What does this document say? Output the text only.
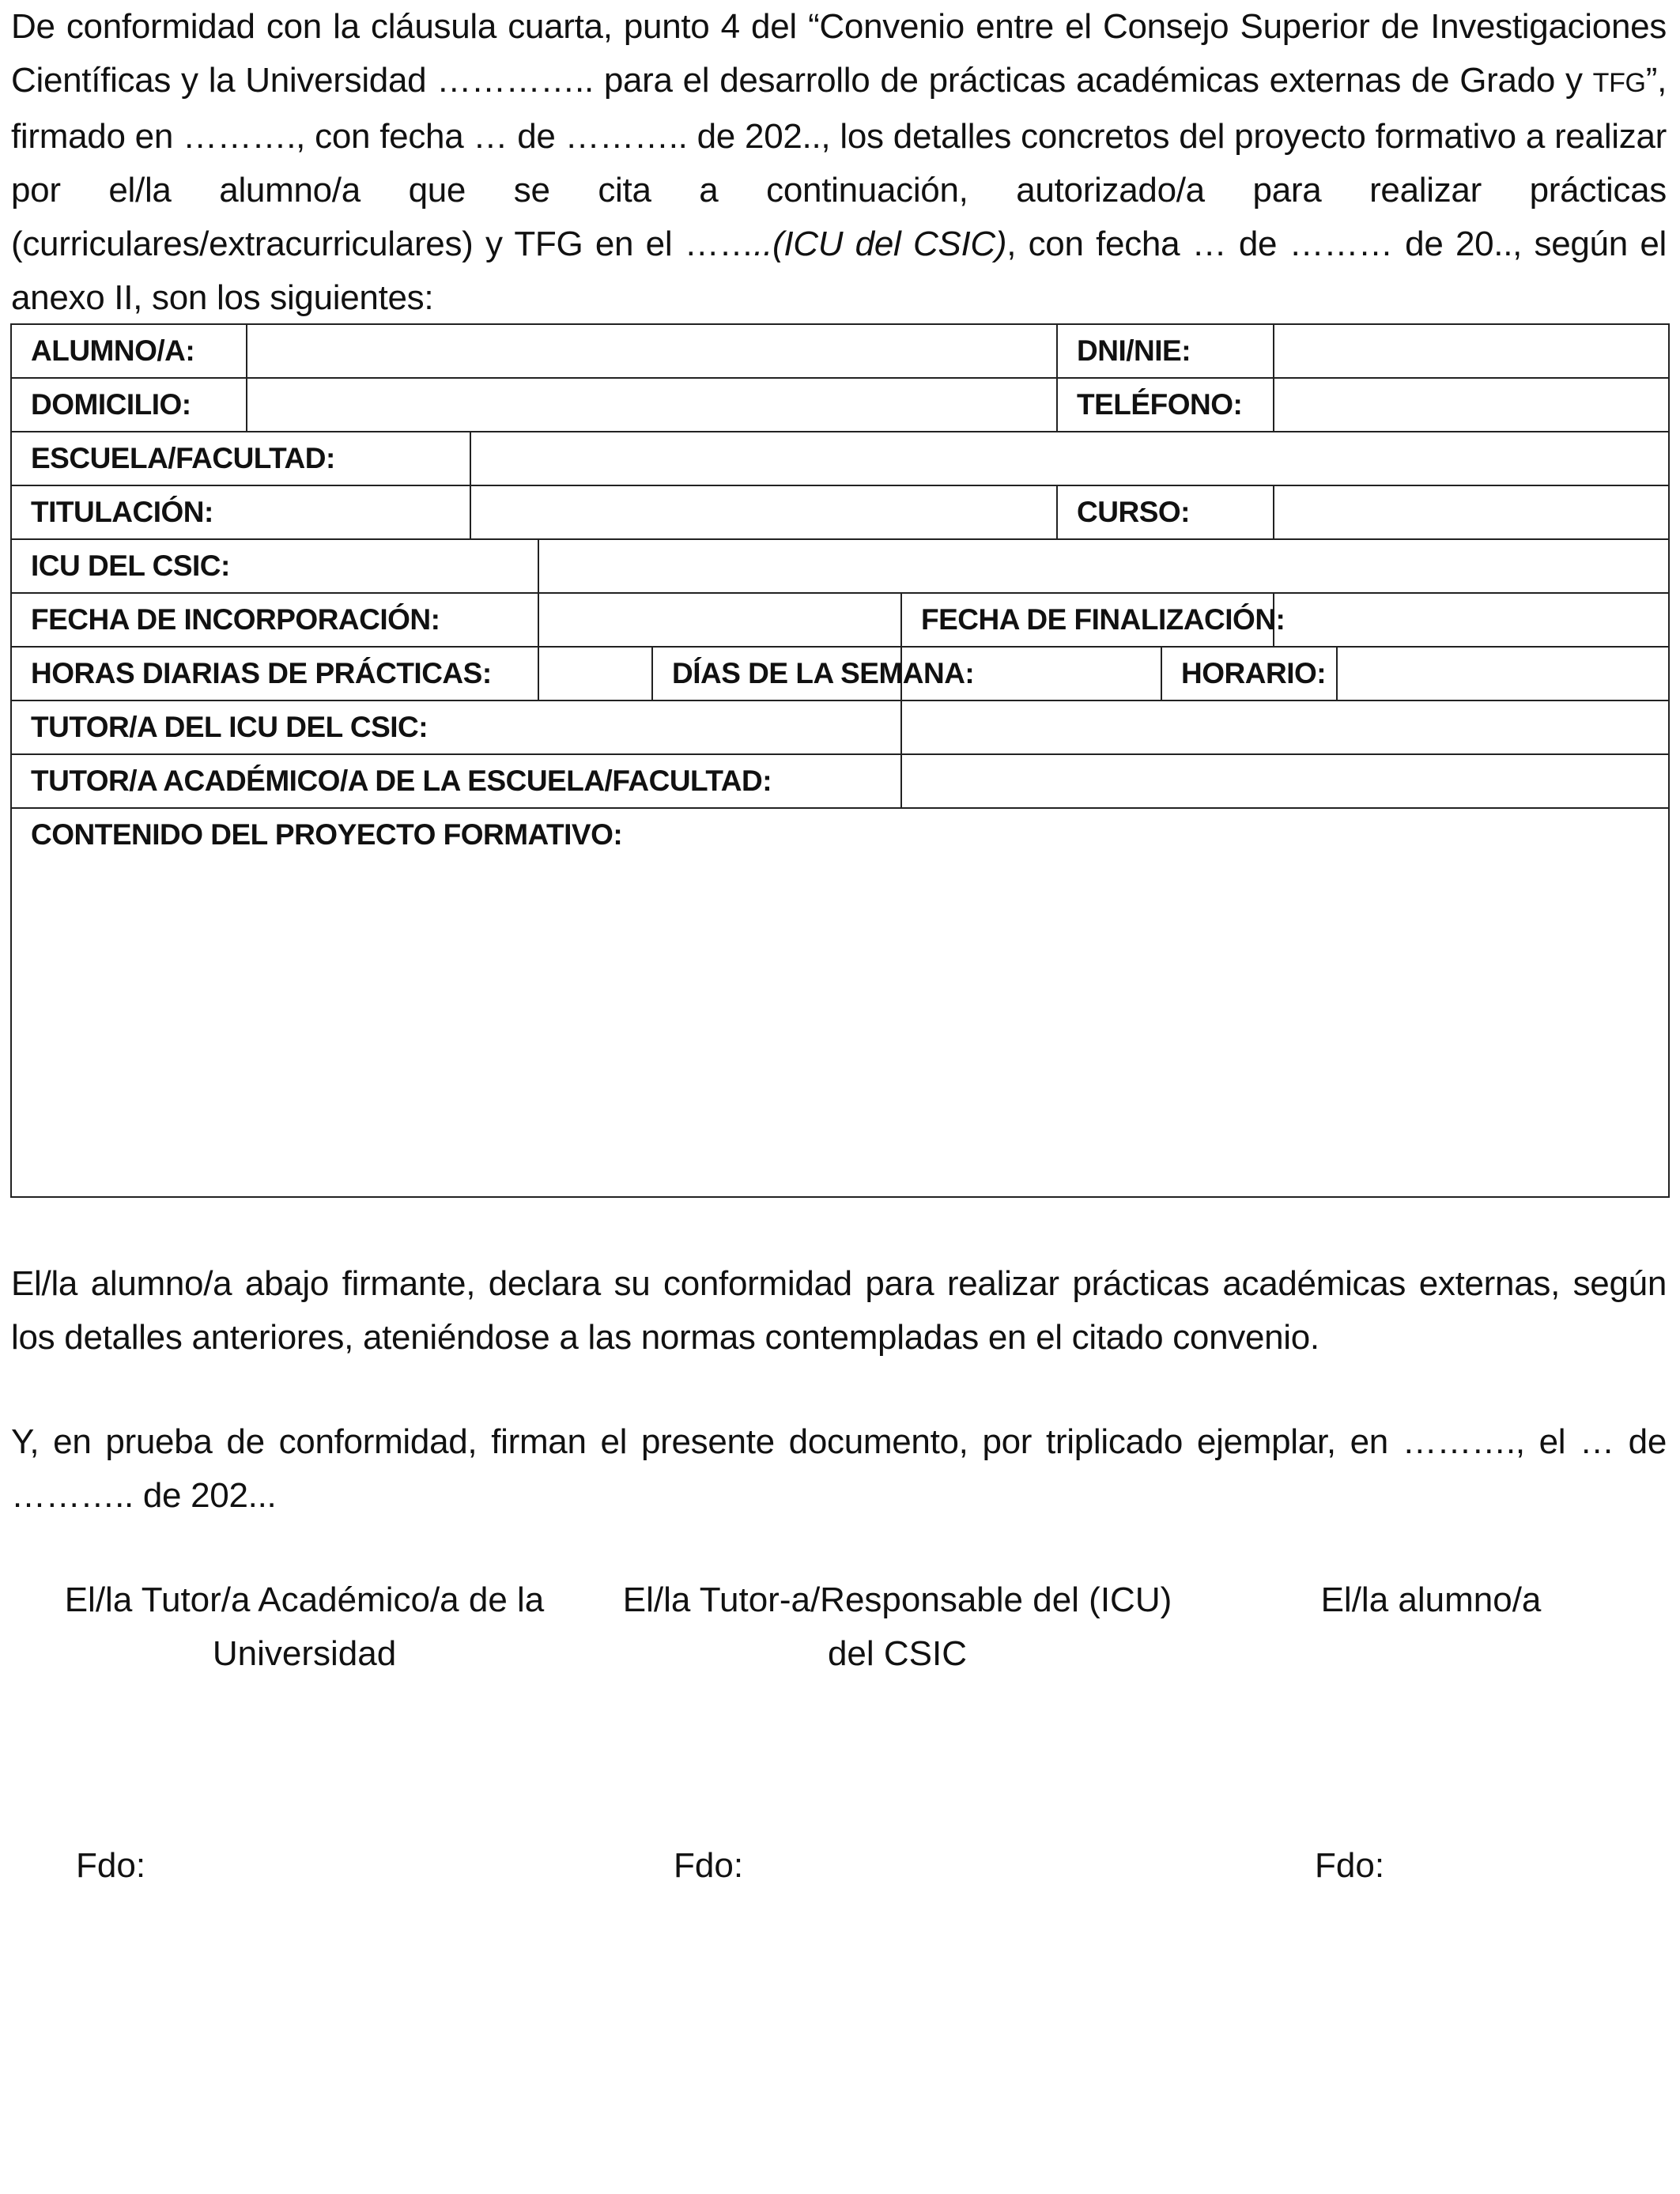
De conformidad con la cláusula cuarta, punto 4 del “Convenio entre el Consejo Superior de Investigaciones Científicas y la Universidad ………….. para el desarrollo de prácticas académicas externas de Grado y TFG”, firmado en ………., con fecha … de ……….. de 202.., los detalles concretos del proyecto formativo a realizar por el/la alumno/a que se cita a continuación, autorizado/a para realizar prácticas (curriculares/extracurriculares) y TFG en el ……..(ICU del CSIC), con fecha … de ……… de 20.., según el anexo II, son los siguientes:
ALUMNO/A:						DNI/NIE:			
DOMICILIO:						TELÉFONO:			
ESCUELA/FACULTAD:									
TITULACIÓN:						CURSO:			
ICU DEL CSIC:									
FECHA DE INCORPORACIÓN:					FECHA DE FINALIZACIÓN:				
HORAS DIARIAS DE PRÁCTICAS:				DÍAS DE LA SEMANA:			HORARIO:		
TUTOR/A DEL ICU DEL CSIC:									
TUTOR/A ACADÉMICO/A DE LA ESCUELA/FACULTAD:									
CONTENIDO DEL PROYECTO FORMATIVO:									
El/la alumno/a abajo firmante, declara su conformidad para realizar prácticas académicas externas, según los detalles anteriores, ateniéndose a las normas contempladas en el citado convenio.
Y, en prueba de conformidad, firman el presente documento, por triplicado ejemplar, en ………., el … de ……….. de 202...
El/la Tutor/a Académico/a de la
Universidad
El/la Tutor-a/Responsable del (ICU)
del CSIC
El/la alumno/a
Fdo:	Fdo:	Fdo:
